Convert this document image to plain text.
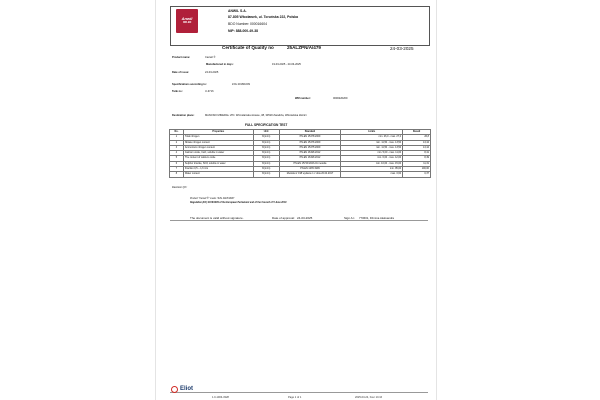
Anwil
ORLEN
ANWIL S.A.
87-805 Włocławek, ul. Toruńska 222, Polska
BDO Number: 000016604
NIP: 888-000-49-38
Certificate of Quality no	25ALZPN/A/479	24-03-2025
Product name:	Canwil ®
Manufactured in days:	19-03-2025 - 23-03-2025
Date of issue:	24-03-2025
Specifications according to:	ZJG 2018/1009
Tank no:	U-3716
WM number:	0000220209
Destination place:	MANCSKI MINERAL LTD. Wrzosłańska strasse, 38, 33520 Zaradzia, Wiśniańska district
FULL SPECIFICATION TEST
No.	Properties	Unit	Standard	Limits	Result
1	Total nitrogen	%(m/m)	PN-EN 15478:2009	min. 26,0 - max. 27,0	26,8
2	Nitrate nitrogen content	%(m/m)	PN-EN 15476:2009	min. 11,50 - max. 13,50	13,44
3	Ammonium nitrogen content	%(m/m)	PN-EN 15475:2009	min. 11,50 - max. 13,50	13,44
4	Calcium oxide, CaO, soluble in water	%(m/m)	PN-EN 16196:2012	min. 5,00 - max. 11,00	8,41
5	The content of calcium oxide	%(m/m)	PN-EN 16196:2012	min. 6,00 - max. 12,00	8,49
6	Sulphur trioxide, SO3, soluble in water	%(m/m)	PN-EN 15749:2023-01 metoda	min. 10,00 - max. 15,00	11,31
7	Fraction 0,5 – 1,6 mm	%(m/m)	PN-EN 1235:1999	min. 95,00	100,00
8	Water content	%(m/m)	Metoda nr 198 wydanie 1 z dnia 20.04.2017	max. 0,60	0,37
Decision QC:
Product "Canwil ®" meets "ZJG 2018/1009"
Regulation (EC) 2019/1009 of the European Parliament and of the Council of 5 June 2019
The document is valid without signature.	Date of approval: 24-03-2025	Sign A.I. 770601, Dżmina Aleksandra
Eliot
1.0-1003-3328	Page 1 of 1	2025-03-24, hour 10.16
